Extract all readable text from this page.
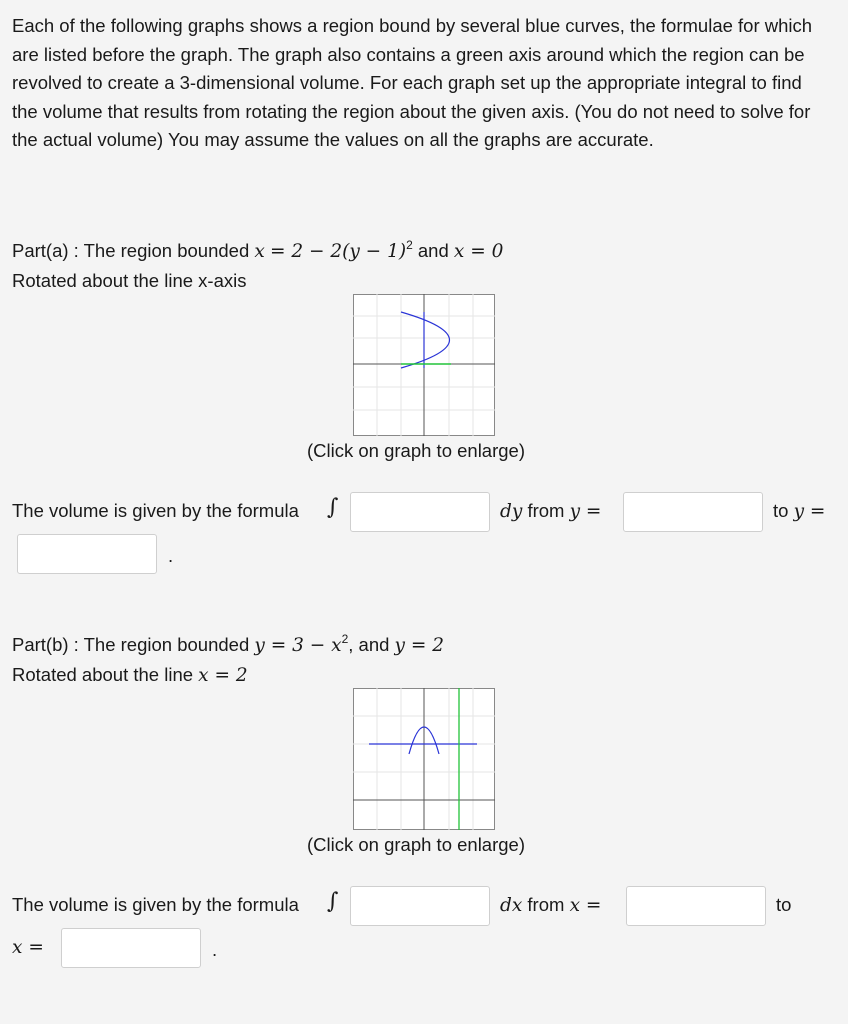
Each of the following graphs shows a region bound by several blue curves, the formulae for which are listed before the graph. The graph also contains a green axis around which the region can be revolved to create a 3-dimensional volume. For each graph set up the appropriate integral to find the volume that results from rotating the region about the given axis. (You do not need to solve for the actual volume) You may assume the values on all the graphs are accurate.
Part(a) : The region bounded $x = 2 - 2(y - 1)^2$ and x = 0
Rotated about the line x-axis
(Click on graph to enlarge)
The volume is given by the formula ∫	dy from y =	to y =
.
Part(b) : The region bounded $y = 3 - x^2$, and y = 2
Rotated about the line x = 2
(Click on graph to enlarge)
The volume is given by the formula ∫	dx from x =	to
x =	.
